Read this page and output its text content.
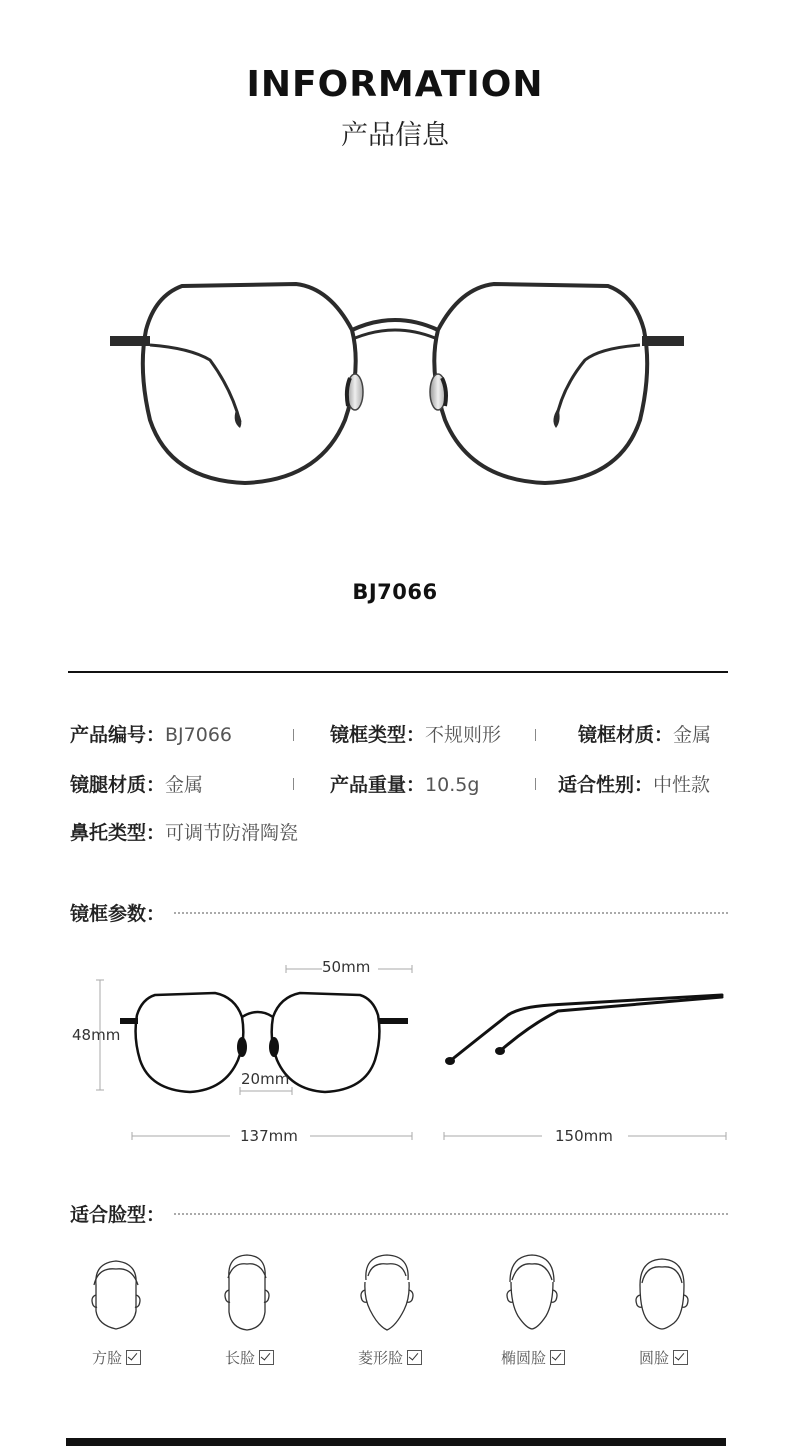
INFORMATION
产品信息
BJ7066
产品编号：BJ7066	镜框类型：不规则形	镜框材质：金属
镜腿材质：金属	产品重量：10.5g	适合性别：中性款
鼻托类型：可调节防滑陶瓷
镜框参数：
50mm
48mm
20mm
137mm	150mm
适合脸型：
方脸	长脸	菱形脸	椭圆脸	圆脸
